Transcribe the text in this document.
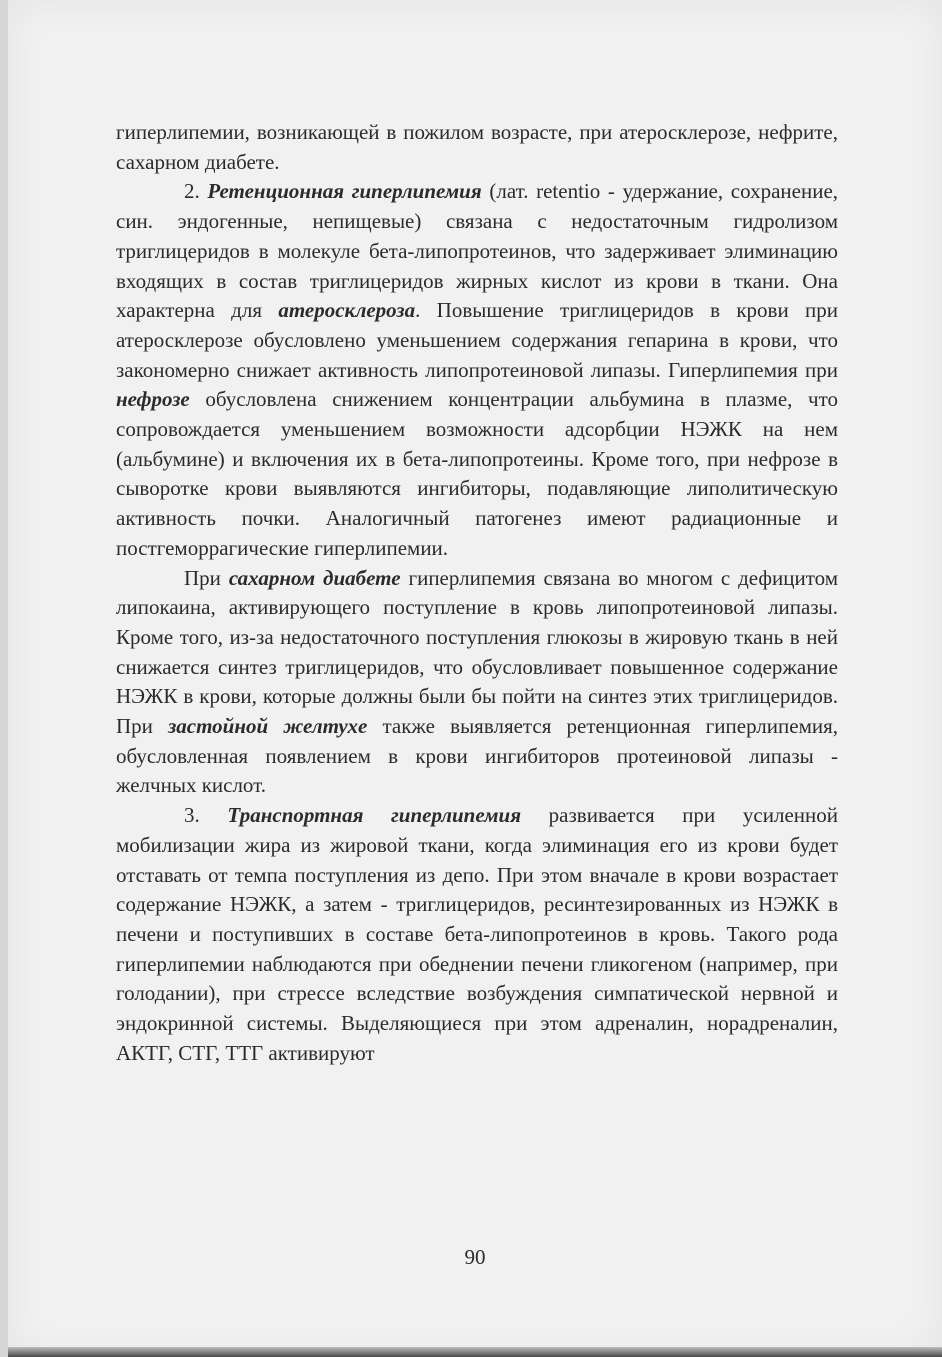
гиперлипемии, возникающей в пожилом возрасте, при атеросклерозе, нефрите, сахарном диабете.

2. Ретенционная гиперлипемия (лат. retentio - удержание, сохранение, син. эндогенные, непищевые) связана с недостаточным гидролизом триглицеридов в молекуле бета-липопротеинов, что задерживает элиминацию входящих в состав триглицеридов жирных кислот из крови в ткани. Она характерна для атеросклероза. Повышение триглицеридов в крови при атеросклерозе обусловлено уменьшением содержания гепарина в крови, что закономерно снижает активность липопротеиновой липазы. Гиперлипемия при нефрозе обусловлена снижением концентрации альбумина в плазме, что сопровождается уменьшением возможности адсорбции НЭЖК на нем (альбумине) и включения их в бета-липопротеины. Кроме того, при нефрозе в сыворотке крови выявляются ингибиторы, подавляющие липолитическую активность почки. Аналогичный патогенез имеют радиационные и постгеморрагические гиперлипемии.

При сахарном диабете гиперлипемия связана во многом с дефицитом липокаина, активирующего поступление в кровь липопротеиновой липазы. Кроме того, из-за недостаточного поступления глюкозы в жировую ткань в ней снижается синтез триглицеридов, что обусловливает повышенное содержание НЭЖК в крови, которые должны были бы пойти на синтез этих триглицеридов. При застойной желтухе также выявляется ретенционная гиперлипемия, обусловленная появлением в крови ингибиторов протеиновой липазы - желчных кислот.

3. Транспортная гиперлипемия развивается при усиленной мобилизации жира из жировой ткани, когда элиминация его из крови будет отставать от темпа поступления из депо. При этом вначале в крови возрастает содержание НЭЖК, а затем - триглицеридов, ресинтезированных из НЭЖК в печени и поступивших в составе бета-липопротеинов в кровь. Такого рода гиперлипемии наблюдаются при обеднении печени гликогеном (например, при голодании), при стрессе вследствие возбуждения симпатической нервной и эндокринной системы. Выделяющиеся при этом адреналин, норадреналин, АКТГ, СТГ, ТТГ активируют

90
